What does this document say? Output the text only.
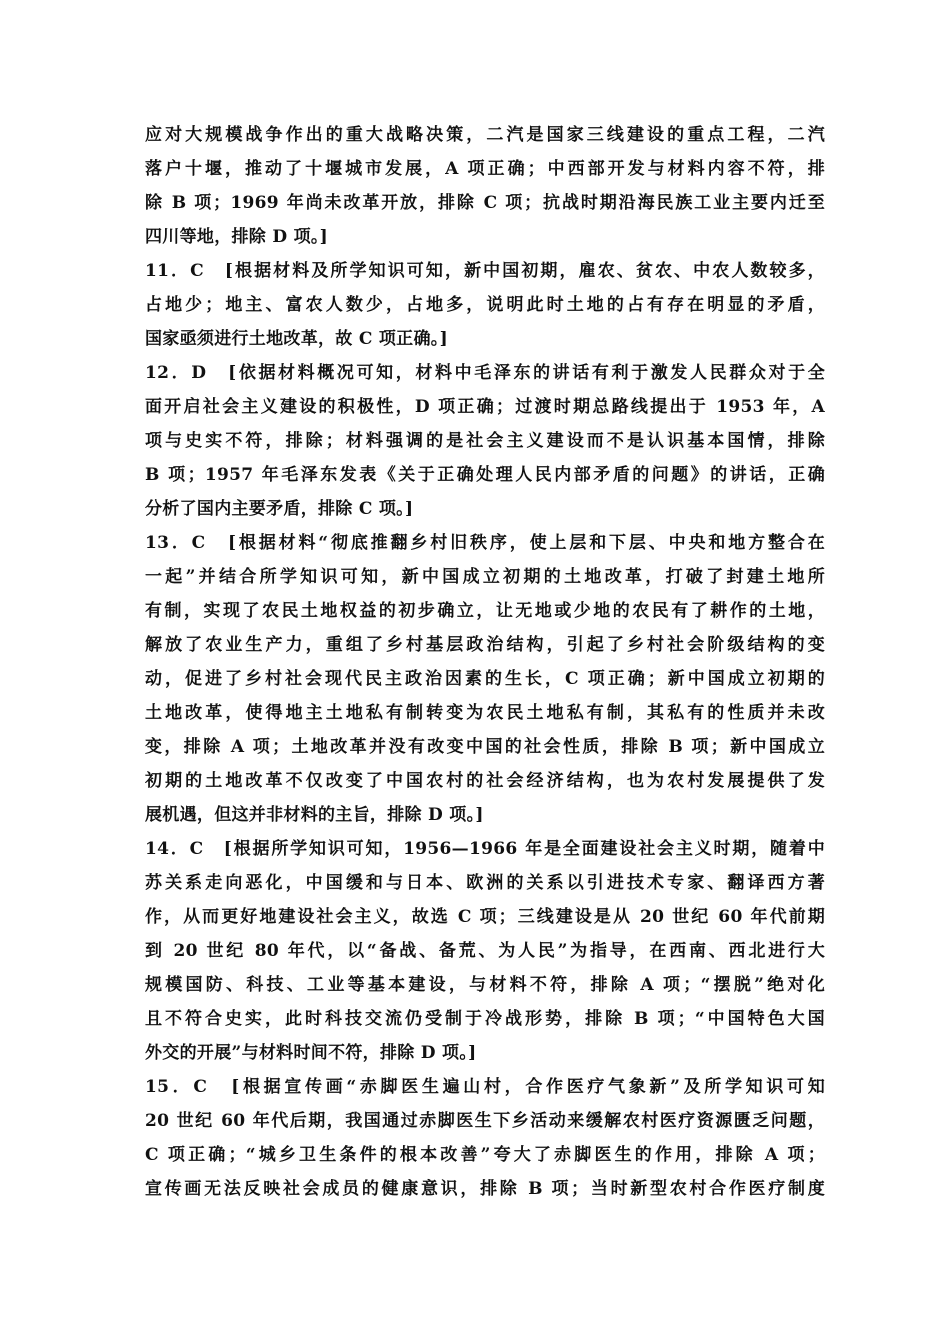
应对大规模战争作出的重大战略决策，二汽是国家三线建设的重点工程，二汽
落户十堰，推动了十堰城市发展，A 项正确；中西部开发与材料内容不符，排
除 B 项；1969 年尚未改革开放，排除 C 项；抗战时期沿海民族工业主要内迁至
四川等地，排除 D 项。]
11．C　[根据材料及所学知识可知，新中国初期，雇农、贫农、中农人数较多，
占地少；地主、富农人数少，占地多，说明此时土地的占有存在明显的矛盾，
国家亟须进行土地改革，故 C 项正确。]
12．D　[依据材料概况可知，材料中毛泽东的讲话有利于激发人民群众对于全
面开启社会主义建设的积极性，D 项正确；过渡时期总路线提出于 1953 年，A
项与史实不符，排除；材料强调的是社会主义建设而不是认识基本国情，排除
B 项；1957 年毛泽东发表《关于正确处理人民内部矛盾的问题》的讲话，正确
分析了国内主要矛盾，排除 C 项。]
13．C　[根据材料“彻底推翻乡村旧秩序，使上层和下层、中央和地方整合在
一起”并结合所学知识可知，新中国成立初期的土地改革，打破了封建土地所
有制，实现了农民土地权益的初步确立，让无地或少地的农民有了耕作的土地，
解放了农业生产力，重组了乡村基层政治结构，引起了乡村社会阶级结构的变
动，促进了乡村社会现代民主政治因素的生长，C 项正确；新中国成立初期的
土地改革，使得地主土地私有制转变为农民土地私有制，其私有的性质并未改
变，排除 A 项；土地改革并没有改变中国的社会性质，排除 B 项；新中国成立
初期的土地改革不仅改变了中国农村的社会经济结构，也为农村发展提供了发
展机遇，但这并非材料的主旨，排除 D 项。]
14．C　[根据所学知识可知，1956—1966 年是全面建设社会主义时期，随着中
苏关系走向恶化，中国缓和与日本、欧洲的关系以引进技术专家、翻译西方著
作，从而更好地建设社会主义，故选 C 项；三线建设是从 20 世纪 60 年代前期
到 20 世纪 80 年代，以“备战、备荒、为人民”为指导，在西南、西北进行大
规模国防、科技、工业等基本建设，与材料不符，排除 A 项；“摆脱”绝对化
且不符合史实，此时科技交流仍受制于冷战形势，排除 B 项；“中国特色大国
外交的开展”与材料时间不符，排除 D 项。]
15．C　[根据宣传画“赤脚医生遍山村，合作医疗气象新”及所学知识可知
20 世纪 60 年代后期，我国通过赤脚医生下乡活动来缓解农村医疗资源匮乏问题，
C 项正确；“城乡卫生条件的根本改善”夸大了赤脚医生的作用，排除 A 项；
宣传画无法反映社会成员的健康意识，排除 B 项；当时新型农村合作医疗制度
